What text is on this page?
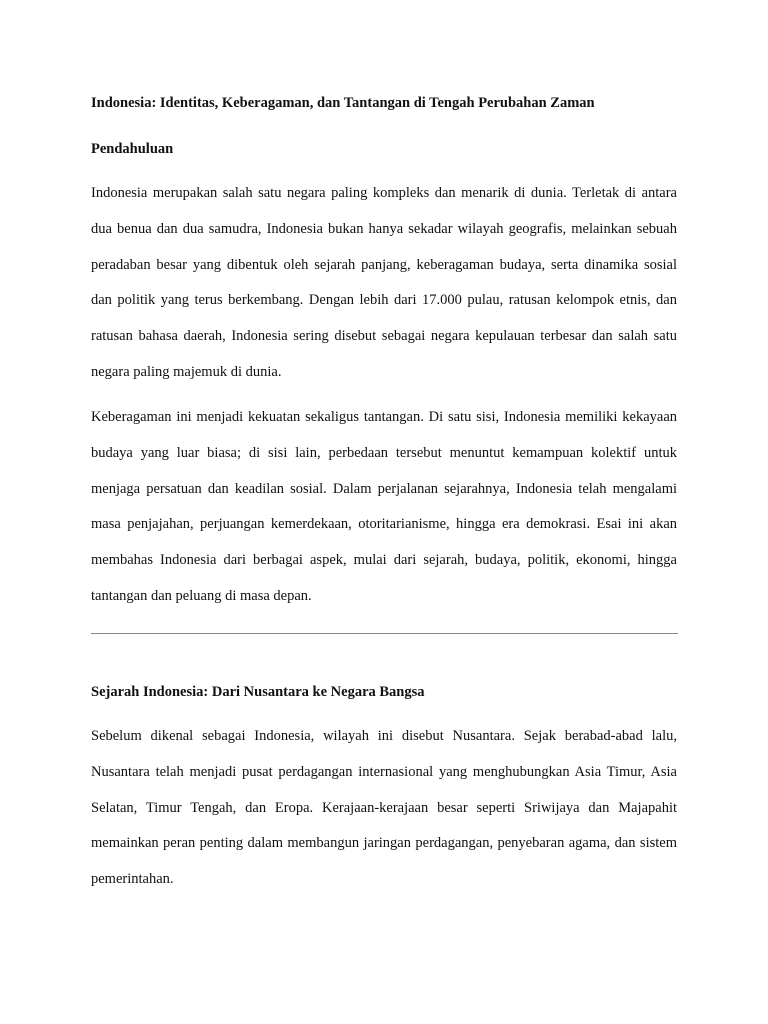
Indonesia: Identitas, Keberagaman, dan Tantangan di Tengah Perubahan Zaman
Pendahuluan

Indonesia merupakan salah satu negara paling kompleks dan menarik di dunia. Terletak di antara dua benua dan dua samudra, Indonesia bukan hanya sekadar wilayah geografis, melainkan sebuah peradaban besar yang dibentuk oleh sejarah panjang, keberagaman budaya, serta dinamika sosial dan politik yang terus berkembang. Dengan lebih dari 17.000 pulau, ratusan kelompok etnis, dan ratusan bahasa daerah, Indonesia sering disebut sebagai negara kepulauan terbesar dan salah satu negara paling majemuk di dunia.

Keberagaman ini menjadi kekuatan sekaligus tantangan. Di satu sisi, Indonesia memiliki kekayaan budaya yang luar biasa; di sisi lain, perbedaan tersebut menuntut kemampuan kolektif untuk menjaga persatuan dan keadilan sosial. Dalam perjalanan sejarahnya, Indonesia telah mengalami masa penjajahan, perjuangan kemerdekaan, otoritarianisme, hingga era demokrasi. Esai ini akan membahas Indonesia dari berbagai aspek, mulai dari sejarah, budaya, politik, ekonomi, hingga tantangan dan peluang di masa depan.

Sejarah Indonesia: Dari Nusantara ke Negara Bangsa

Sebelum dikenal sebagai Indonesia, wilayah ini disebut Nusantara. Sejak berabad-abad lalu, Nusantara telah menjadi pusat perdagangan internasional yang menghubungkan Asia Timur, Asia Selatan, Timur Tengah, dan Eropa. Kerajaan-kerajaan besar seperti Sriwijaya dan Majapahit memainkan peran penting dalam membangun jaringan perdagangan, penyebaran agama, dan sistem pemerintahan.
